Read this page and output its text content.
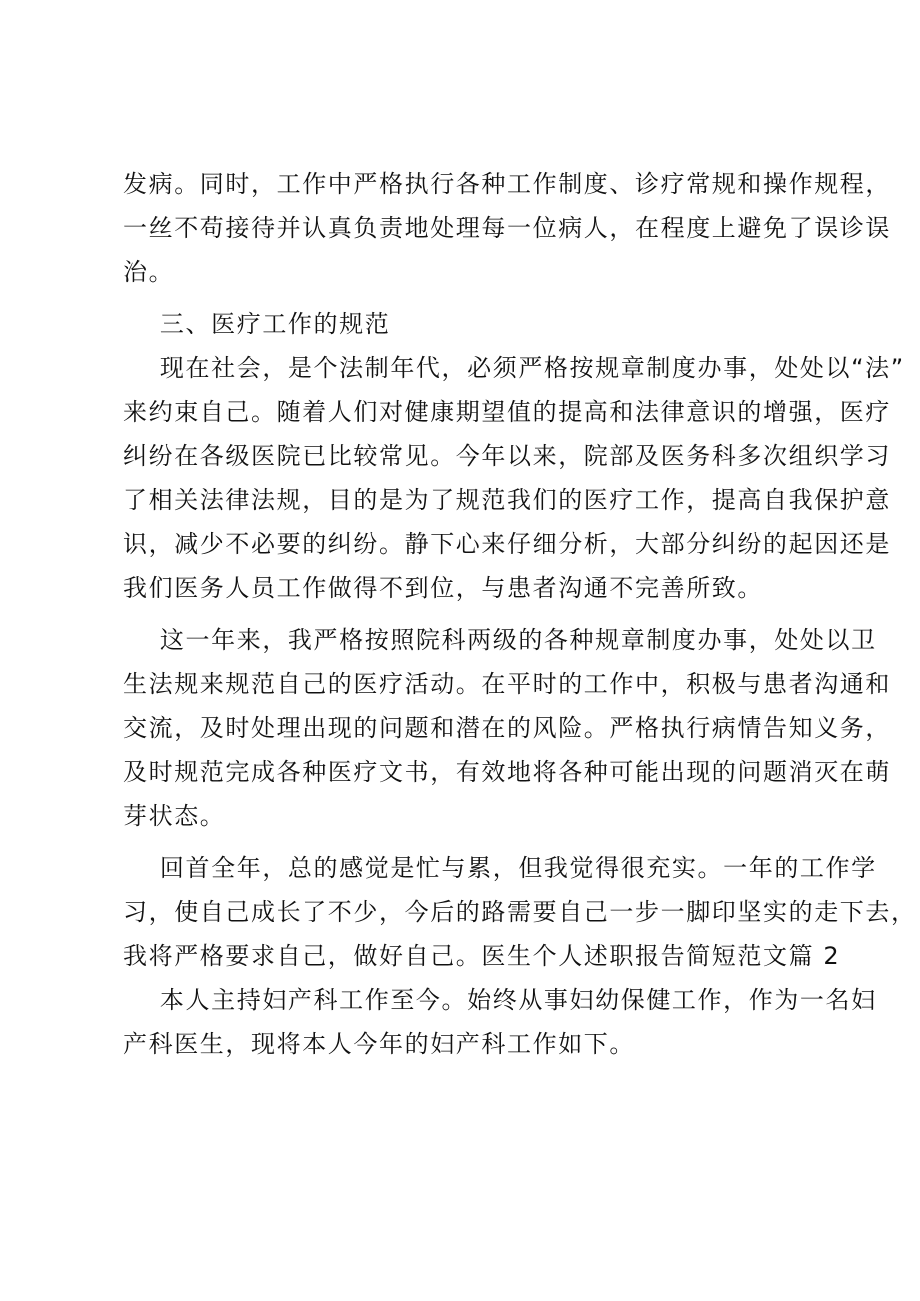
发病。同时，工作中严格执行各种工作制度、诊疗常规和操作规程，
一丝不苟接待并认真负责地处理每一位病人，在程度上避免了误诊误
治。
三、医疗工作的规范
现在社会，是个法制年代，必须严格按规章制度办事，处处以“法”
来约束自己。随着人们对健康期望值的提高和法律意识的增强，医疗
纠纷在各级医院已比较常见。今年以来，院部及医务科多次组织学习
了相关法律法规，目的是为了规范我们的医疗工作，提高自我保护意
识，减少不必要的纠纷。静下心来仔细分析，大部分纠纷的起因还是
我们医务人员工作做得不到位，与患者沟通不完善所致。
这一年来，我严格按照院科两级的各种规章制度办事，处处以卫
生法规来规范自己的医疗活动。在平时的工作中，积极与患者沟通和
交流，及时处理出现的问题和潜在的风险。严格执行病情告知义务，
及时规范完成各种医疗文书，有效地将各种可能出现的问题消灭在萌
芽状态。
回首全年，总的感觉是忙与累，但我觉得很充实。一年的工作学
习，使自己成长了不少，今后的路需要自己一步一脚印坚实的走下去，
我将严格要求自己，做好自己。医生个人述职报告简短范文篇 2
本人主持妇产科工作至今。始终从事妇幼保健工作，作为一名妇
产科医生，现将本人今年的妇产科工作如下。
